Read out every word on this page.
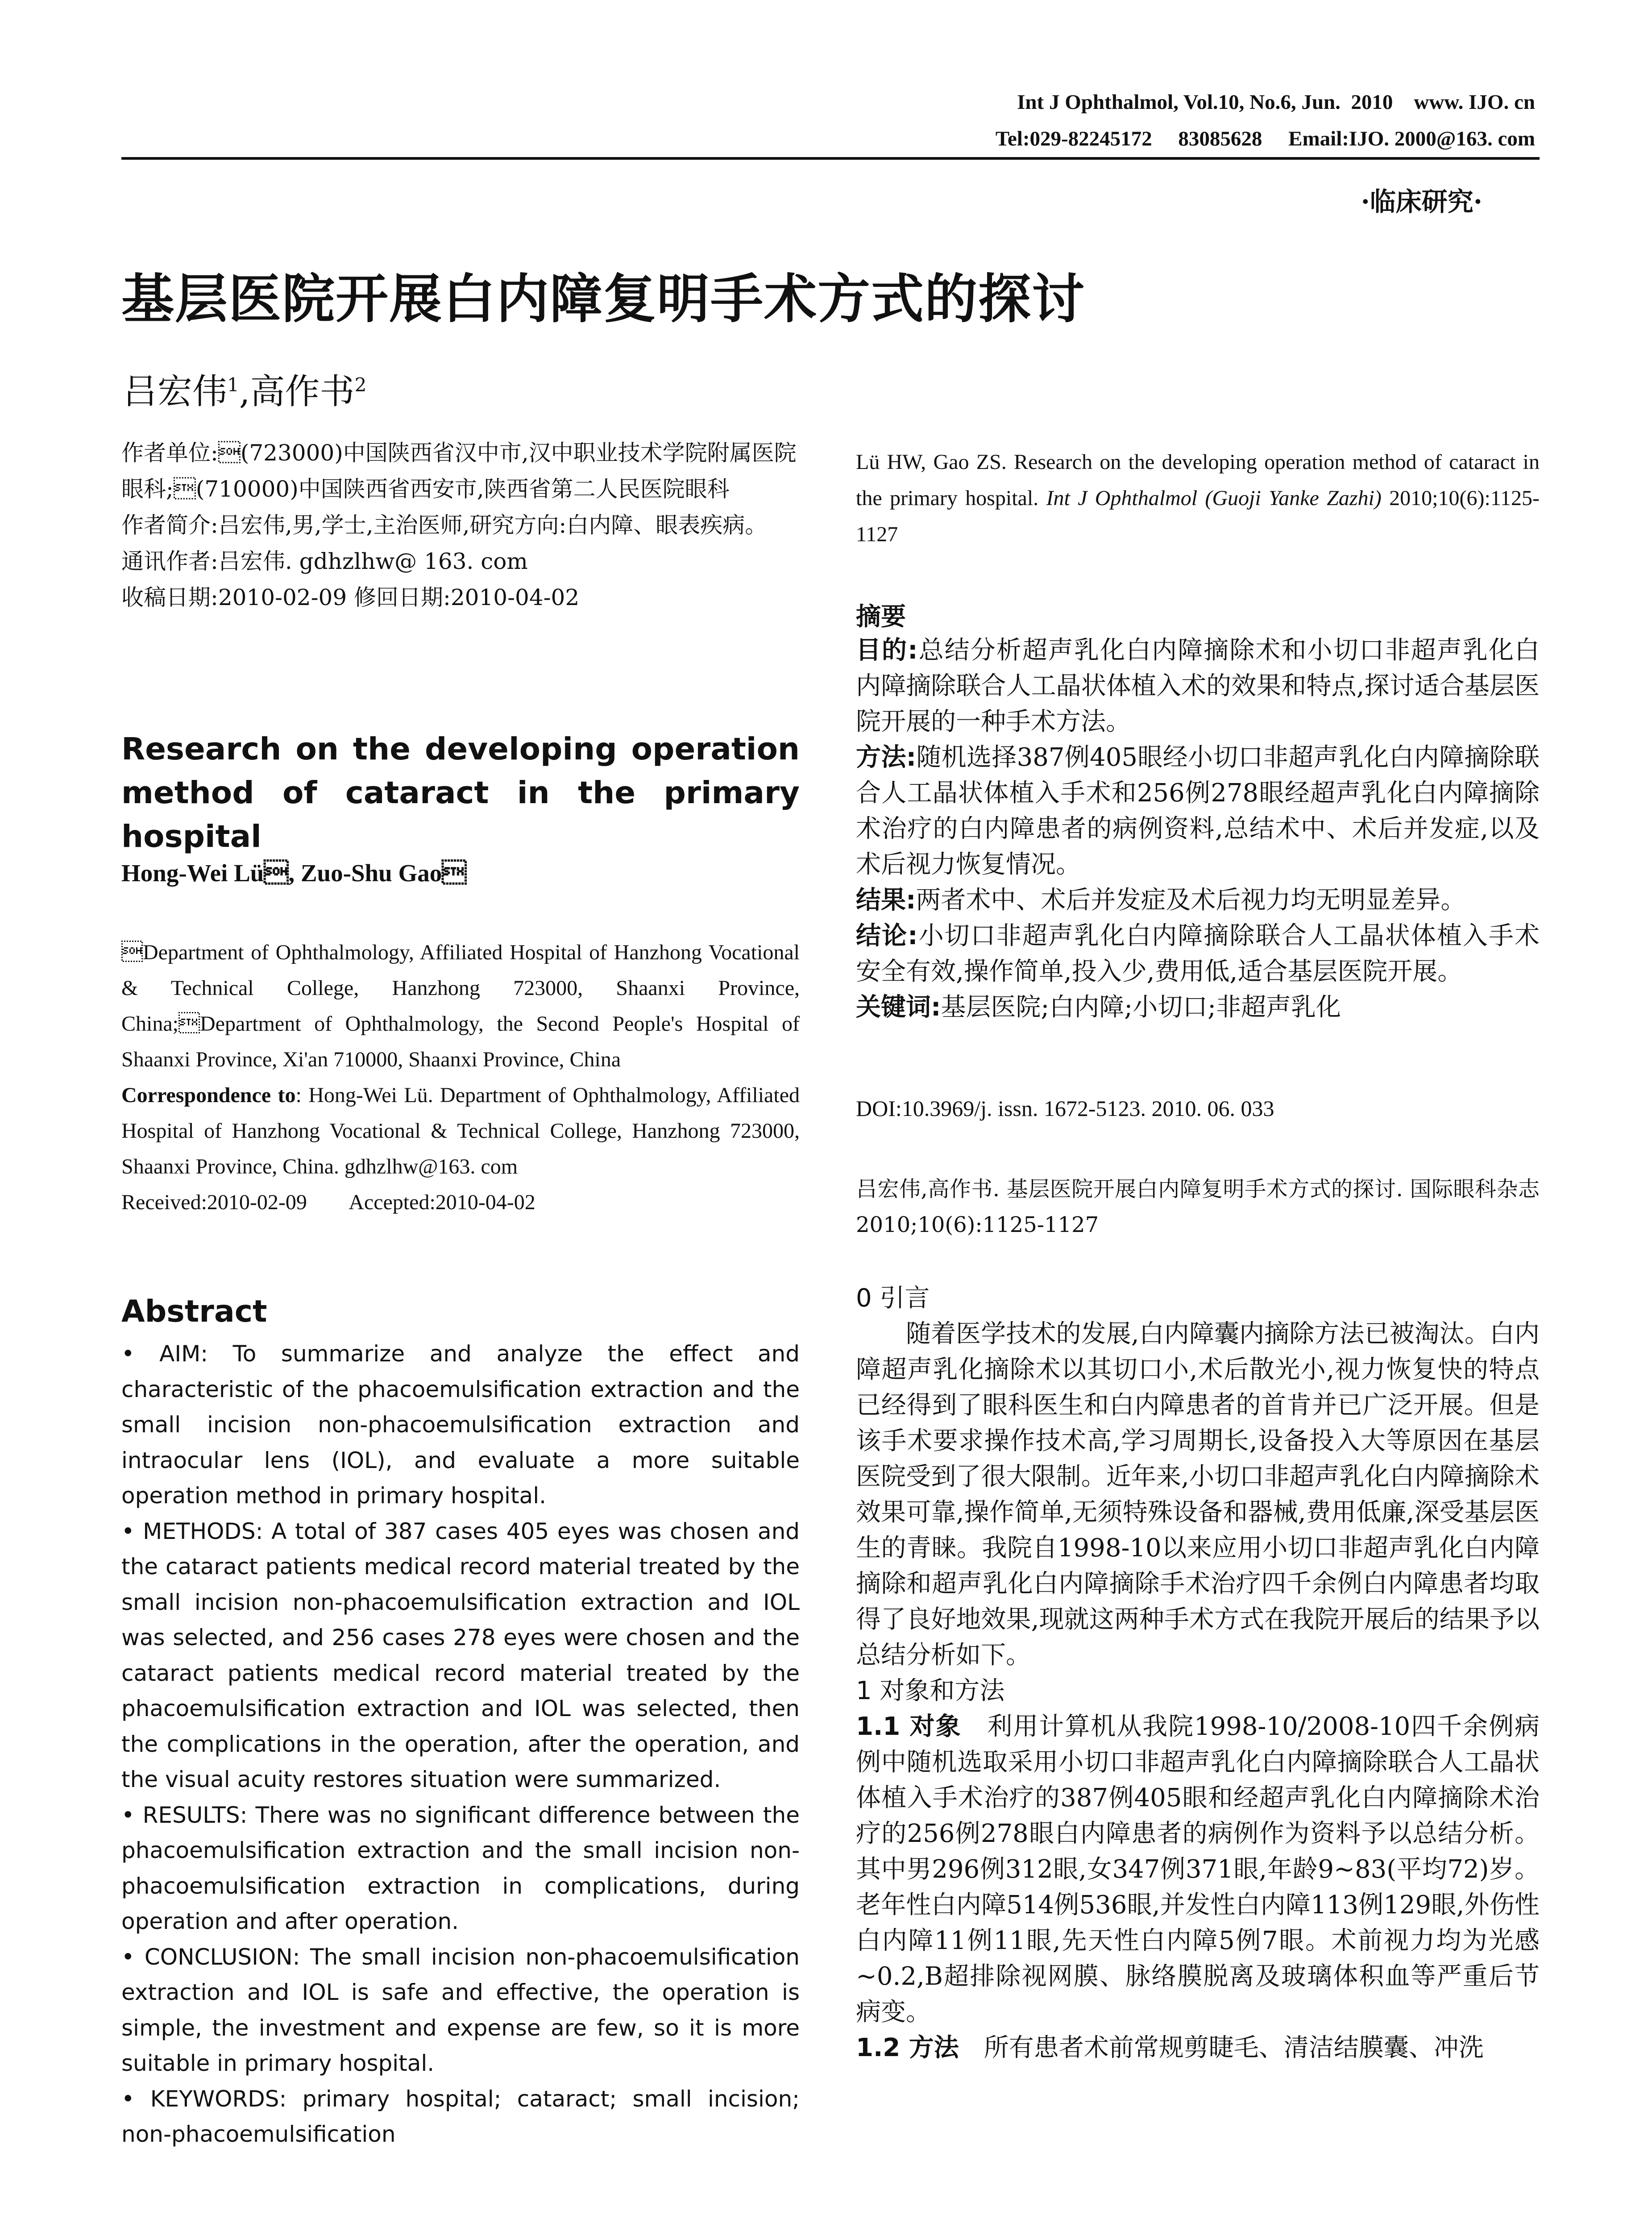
Int J Ophthalmol, Vol.10, No.6, Jun.  2010    www. IJO. cn
Tel:029-82245172     83085628     Email:IJO. 2000@163. com
·临床研究·
基层医院开展白内障复明手术方式的探讨
吕宏伟$^1$,高作书$^2$

作者单位:(723000)中国陕西省汉中市,汉中职业技术学院附属医院眼科;(710000)中国陕西省西安市,陕西省第二人民医院眼科

作者简介:吕宏伟,男,学士,主治医师,研究方向:白内障、眼表疾病。

通讯作者:吕宏伟. gdhzlhw@ 163. com

收稿日期:2010-02-09 修回日期:2010-04-02

Research on the developing operation method of cataract in the primary hospital
Hong-Wei Lü, Zuo-Shu Gao

Department of Ophthalmology, Affiliated Hospital of Hanzhong Vocational & Technical College, Hanzhong 723000, Shaanxi Province, China;Department of Ophthalmology, the Second People's Hospital of Shaanxi Province, Xi'an 710000, Shaanxi Province, China

Correspondence to: Hong-Wei Lü. Department of Ophthalmology, Affiliated Hospital of Hanzhong Vocational & Technical College, Hanzhong 723000, Shaanxi Province, China. gdhzlhw@163. com

Received:2010-02-09        Accepted:2010-04-02

Abstract

• AIM: To summarize and analyze the effect and characteristic of the phacoemulsification extraction and the small incision non-phacoemulsification extraction and intraocular lens (IOL), and evaluate a more suitable operation method in primary hospital.

• METHODS: A total of 387 cases 405 eyes was chosen and the cataract patients medical record material treated by the small incision non-phacoemulsification extraction and IOL was selected, and 256 cases 278 eyes were chosen and the cataract patients medical record material treated by the phacoemulsification extraction and IOL was selected, then the complications in the operation, after the operation, and the visual acuity restores situation were summarized.

• RESULTS: There was no significant difference between the phacoemulsification extraction and the small incision non-phacoemulsification extraction in complications, during operation and after operation.

• CONCLUSION: The small incision non-phacoemulsification extraction and IOL is safe and effective, the operation is simple, the investment and expense are few, so it is more suitable in primary hospital.

• KEYWORDS: primary hospital; cataract; small incision; non-phacoemulsification

Lü HW, Gao ZS. Research on the developing operation method of cataract in the primary hospital. Int J Ophthalmol (Guoji Yanke Zazhi) 2010;10(6):1125-1127
摘要

目的:总结分析超声乳化白内障摘除术和小切口非超声乳化白内障摘除联合人工晶状体植入术的效果和特点,探讨适合基层医院开展的一种手术方法。

方法:随机选择387例405眼经小切口非超声乳化白内障摘除联合人工晶状体植入手术和256例278眼经超声乳化白内障摘除术治疗的白内障患者的病例资料,总结术中、术后并发症,以及术后视力恢复情况。

结果:两者术中、术后并发症及术后视力均无明显差异。

结论:小切口非超声乳化白内障摘除联合人工晶状体植入手术安全有效,操作简单,投入少,费用低,适合基层医院开展。

关键词:基层医院;白内障;小切口;非超声乳化

DOI:10.3969/j. issn. 1672-5123. 2010. 06. 033
吕宏伟,高作书. 基层医院开展白内障复明手术方式的探讨. 国际眼科杂志 2010;10(6):1125-1127

0 引言

随着医学技术的发展,白内障囊内摘除方法已被淘汰。白内障超声乳化摘除术以其切口小,术后散光小,视力恢复快的特点已经得到了眼科医生和白内障患者的首肯并已广泛开展。但是该手术要求操作技术高,学习周期长,设备投入大等原因在基层医院受到了很大限制。近年来,小切口非超声乳化白内障摘除术效果可靠,操作简单,无须特殊设备和器械,费用低廉,深受基层医生的青睐。我院自1998-10以来应用小切口非超声乳化白内障摘除和超声乳化白内障摘除手术治疗四千余例白内障患者均取得了良好地效果,现就这两种手术方式在我院开展后的结果予以总结分析如下。

1 对象和方法

1.1 对象　 利用计算机从我院1998-10/2008-10四千余例病例中随机选取采用小切口非超声乳化白内障摘除联合人工晶状体植入手术治疗的387例405眼和经超声乳化白内障摘除术治疗的256例278眼白内障患者的病例作为资料予以总结分析。其中男296例312眼,女347例371眼,年龄9~83(平均72)岁。老年性白内障514例536眼,并发性白内障113例129眼,外伤性白内障11例11眼,先天性白内障5例7眼。术前视力均为光感~0.2,B超排除视网膜、脉络膜脱离及玻璃体积血等严重后节病变。

1.2 方法　 所有患者术前常规剪睫毛、清洁结膜囊、冲洗
